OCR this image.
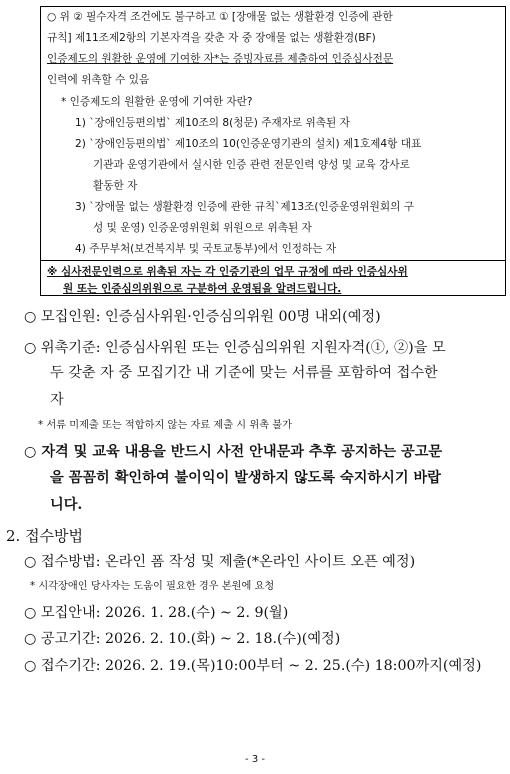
○ 위 ② 필수자격 조건에도 불구하고 ① [장애물 없는 생활환경 인증에 관한
규칙] 제11조제2항의 기본자격을 갖춘 자 중 장애물 없는 생활환경(BF)
인증제도의 원활한 운영에 기여한 자*는 증빙자료를 제출하여 인증심사전문
인력에 위촉할 수 있음
* 인증제도의 원활한 운영에 기여한 자란?
1) `장애인등편의법` 제10조의 8(청문) 주재자로 위촉된 자
2) `장애인등편의법` 제10조의 10(인증운영기관의 설치) 제1호제4항 대표
기관과 운영기관에서 실시한 인증 관련 전문인력 양성 및 교육 강사로
활동한 자
3) `장애물 없는 생활환경 인증에 관한 규칙`제13조(인증운영위원회의 구
성 및 운영) 인증운영위원회 위원으로 위촉된 자
4) 주무부처(보건복지부 및 국토교통부)에서 인정하는 자
※ 심사전문인력으로 위촉된 자는 각 인증기관의 업무 규정에 따라 인증심사위
원 또는 인증심의위원으로 구분하여 운영됨을 알려드립니다.
○ 모집인원: 인증심사위원·인증심의위원 00명 내외(예정)
○ 위촉기준: 인증심사위원 또는 인증심의위원 지원자격(①, ②)을 모
두 갖춘 자 중 모집기간 내 기준에 맞는 서류를 포함하여 접수한
자
* 서류 미제출 또는 적합하지 않는 자료 제출 시 위촉 불가
○ 자격 및 교육 내용을 반드시 사전 안내문과 추후 공지하는 공고문
을 꼼꼼히 확인하여 불이익이 발생하지 않도록 숙지하시기 바랍
니다.
2. 접수방법
○ 접수방법: 온라인 폼 작성 및 제출(*온라인 사이트 오픈 예정)
* 시각장애인 당사자는 도움이 필요한 경우 본원에 요청
○ 모집안내: 2026. 1. 28.(수) ~ 2. 9(월)
○ 공고기간: 2026. 2. 10.(화) ~ 2. 18.(수)(예정)
○ 접수기간: 2026. 2. 19.(목)10:00부터 ~ 2. 25.(수) 18:00까지(예정)
- 3 -
